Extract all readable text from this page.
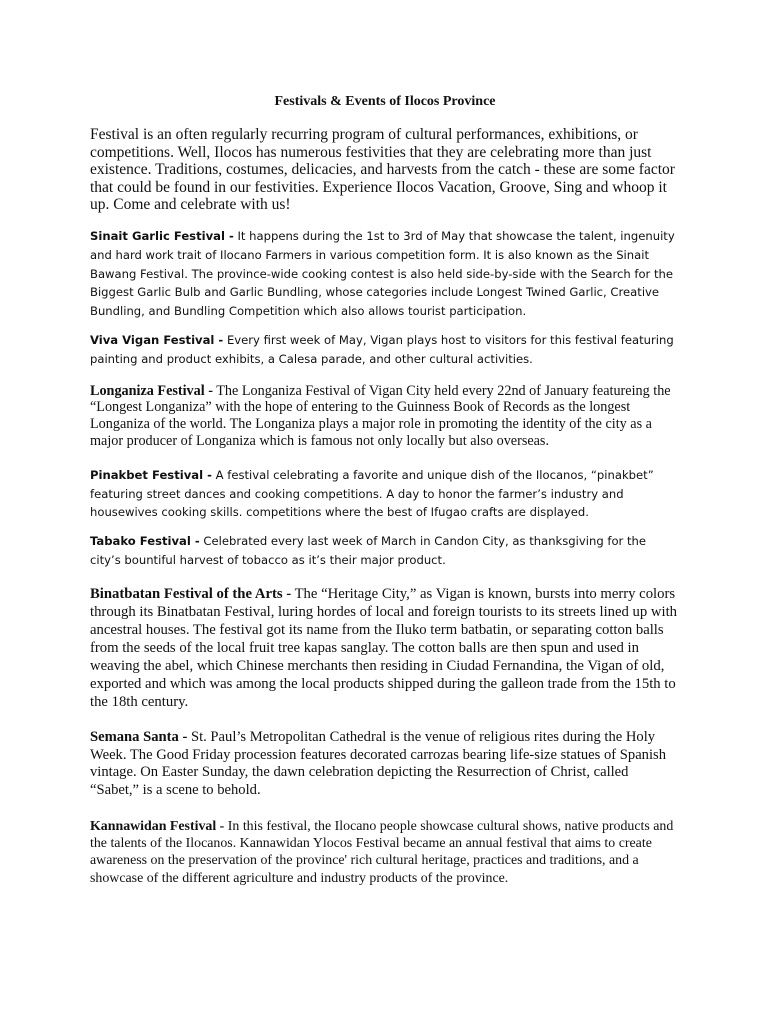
Festivals & Events of Ilocos Province

Festival is an often regularly recurring program of cultural performances, exhibitions, or competitions. Well, Ilocos has numerous festivities that they are celebrating more than just existence. Traditions, costumes, delicacies, and harvests from the catch - these are some factor that could be found in our festivities. Experience Ilocos Vacation, Groove, Sing and whoop it up. Come and celebrate with us!

Sinait Garlic Festival - It happens during the 1st to 3rd of May that showcase the talent, ingenuity and hard work trait of Ilocano Farmers in various competition form. It is also known as the Sinait Bawang Festival. The province-wide cooking contest is also held side-by-side with the Search for the Biggest Garlic Bulb and Garlic Bundling, whose categories include Longest Twined Garlic, Creative Bundling, and Bundling Competition which also allows tourist participation.

Viva Vigan Festival - Every first week of May, Vigan plays host to visitors for this festival featuring painting and product exhibits, a Calesa parade, and other cultural activities.

Longaniza Festival - The Longaniza Festival of Vigan City held every 22nd of January featureing the “Longest Longaniza” with the hope of entering to the Guinness Book of Records as the longest Longaniza of the world. The Longaniza plays a major role in promoting the identity of the city as a major producer of Longaniza which is famous not only locally but also overseas.

Pinakbet Festival - A festival celebrating a favorite and unique dish of the Ilocanos, “pinakbet” featuring street dances and cooking competitions. A day to honor the farmer’s industry and housewives cooking skills. competitions where the best of Ifugao crafts are displayed.

Tabako Festival - Celebrated every last week of March in Candon City, as thanksgiving for the city’s bountiful harvest of tobacco as it’s their major product.

Binatbatan Festival of the Arts - The “Heritage City,” as Vigan is known, bursts into merry colors through its Binatbatan Festival, luring hordes of local and foreign tourists to its streets lined up with ancestral houses. The festival got its name from the Iluko term batbatin, or separating cotton balls from the seeds of the local fruit tree kapas sanglay. The cotton balls are then spun and used in weaving the abel, which Chinese merchants then residing in Ciudad Fernandina, the Vigan of old, exported and which was among the local products shipped during the galleon trade from the 15th to the 18th century.

Semana Santa - St. Paul’s Metropolitan Cathedral is the venue of religious rites during the Holy Week. The Good Friday procession features decorated carrozas bearing life-size statues of Spanish vintage. On Easter Sunday, the dawn celebration depicting the Resurrection of Christ, called “Sabet,” is a scene to behold.

Kannawidan Festival - In this festival, the Ilocano people showcase cultural shows, native products and the talents of the Ilocanos. Kannawidan Ylocos Festival became an annual festival that aims to create awareness on the preservation of the province' rich cultural heritage, practices and traditions, and a showcase of the different agriculture and industry products of the province.
